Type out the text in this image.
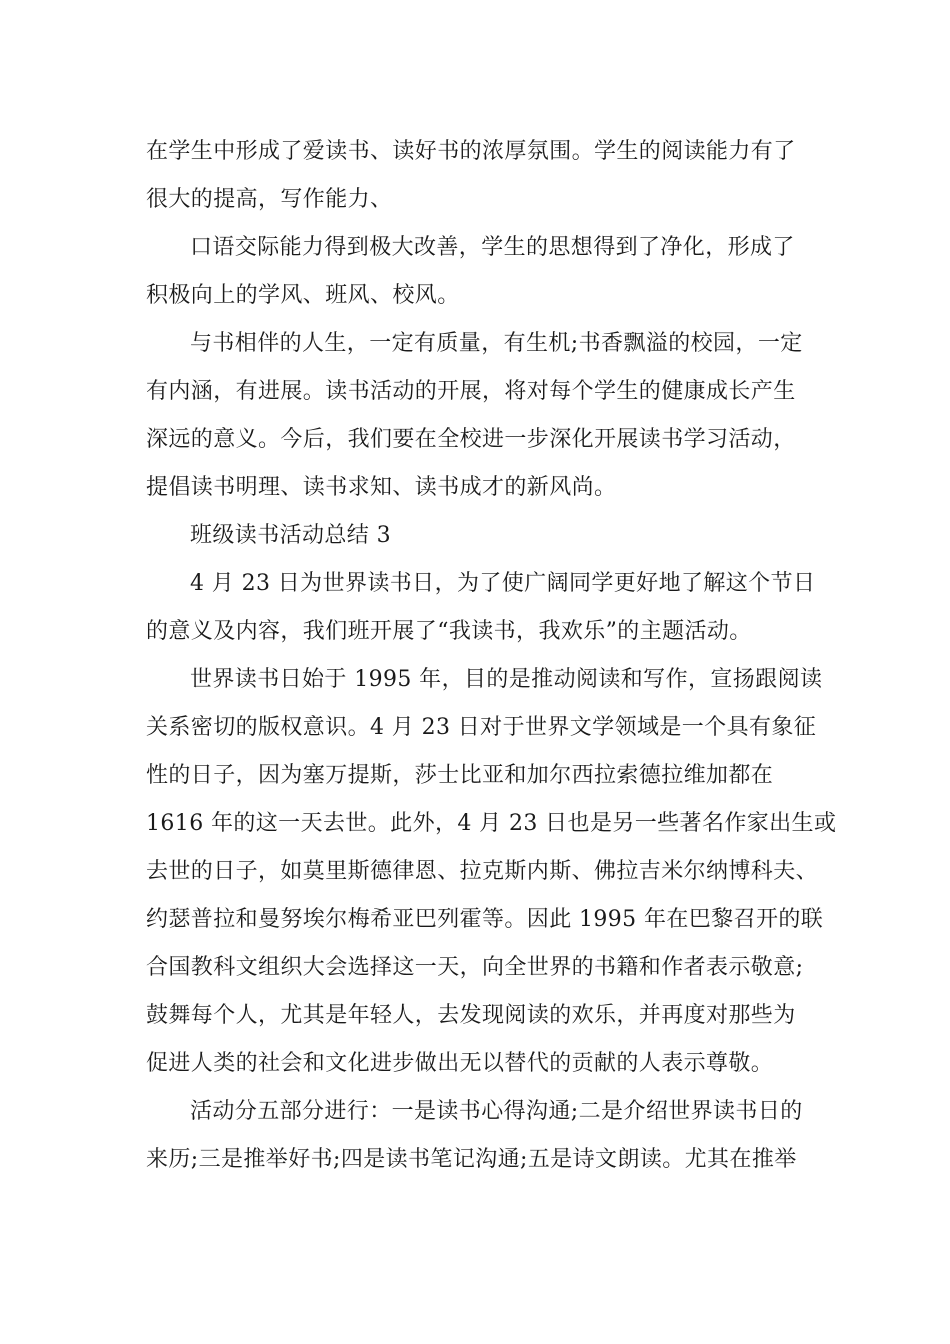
在学生中形成了爱读书、读好书的浓厚氛围。学生的阅读能力有了
很大的提高，写作能力、
口语交际能力得到极大改善，学生的思想得到了净化，形成了
积极向上的学风、班风、校风。
与书相伴的人生，一定有质量，有生机;书香飘溢的校园，一定
有内涵，有进展。读书活动的开展，将对每个学生的健康成长产生
深远的意义。今后，我们要在全校进一步深化开展读书学习活动，
提倡读书明理、读书求知、读书成才的新风尚。
班级读书活动总结 3
4 月 23 日为世界读书日，为了使广阔同学更好地了解这个节日
的意义及内容，我们班开展了“我读书，我欢乐”的主题活动。
世界读书日始于 1995 年，目的是推动阅读和写作，宣扬跟阅读
关系密切的版权意识。4 月 23 日对于世界文学领域是一个具有象征
性的日子，因为塞万提斯，莎士比亚和加尔西拉索德拉维加都在
1616 年的这一天去世。此外，4 月 23 日也是另一些著名作家出生或
去世的日子，如莫里斯德律恩、拉克斯内斯、佛拉吉米尔纳博科夫、
约瑟普拉和曼努埃尔梅希亚巴列霍等。因此 1995 年在巴黎召开的联
合国教科文组织大会选择这一天，向全世界的书籍和作者表示敬意;
鼓舞每个人，尤其是年轻人，去发现阅读的欢乐，并再度对那些为
促进人类的社会和文化进步做出无以替代的贡献的人表示尊敬。
活动分五部分进行：一是读书心得沟通;二是介绍世界读书日的
来历;三是推举好书;四是读书笔记沟通;五是诗文朗读。尤其在推举
